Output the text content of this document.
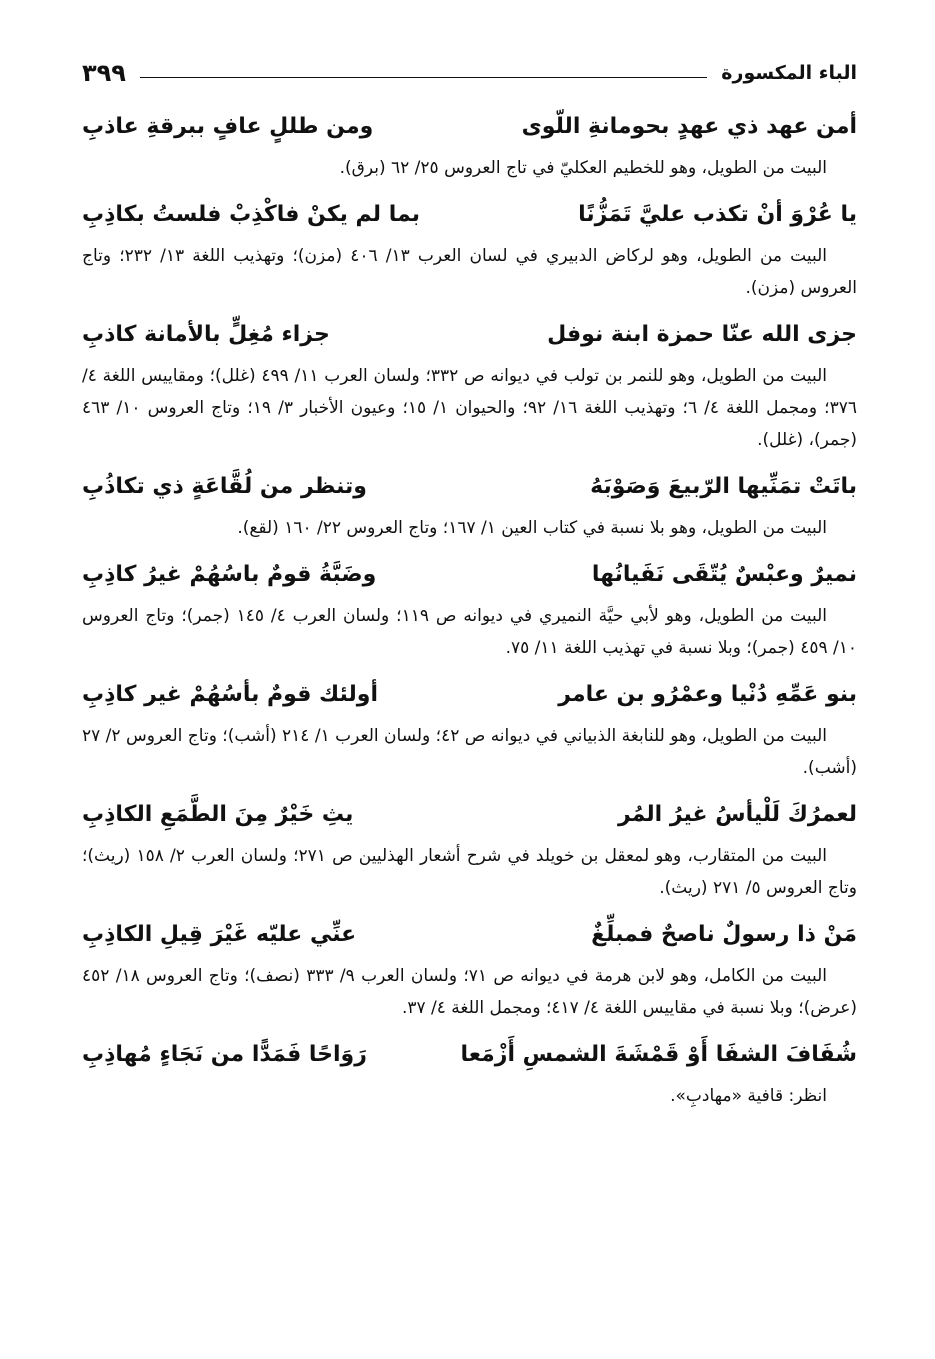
الباء المكسورة
٣٩٩
أمن عهد ذي عهدٍ بحومانةِ اللّوى
ومن طللٍ عافٍ ببرقةِ عاذبِ

البيت من الطويل، وهو للخطيم العكليّ في تاج العروس ٢٥/ ٦٢ (برق).

يا عُرْوَ أنْ تكذب عليَّ تَمَزُّنًا
بما لم يكنْ فاكْذِبْ فلستُ بكاذِبِ

البيت من الطويل، وهو لركاض الدبيري في لسان العرب ١٣/ ٤٠٦ (مزن)؛ وتهذيب اللغة ١٣/ ٢٣٢؛ وتاج العروس (مزن).

جزى الله عنّا حمزة ابنة نوفل
جزاء مُغِلٍّ بالأمانة كاذبِ

البيت من الطويل، وهو للنمر بن تولب في ديوانه ص ٣٣٢؛ ولسان العرب ١١/ ٤٩٩ (غلل)؛ ومقاييس اللغة ٤/ ٣٧٦؛ ومجمل اللغة ٤/ ٦؛ وتهذيب اللغة ١٦/ ٩٢؛ والحيوان ١/ ١٥؛ وعيون الأخبار ٣/ ١٩؛ وتاج العروس ١٠/ ٤٦٣ (جمر)، (غلل).

باتَتْ تمَنِّيها الرّبيعَ وَصَوْبَهُ
وتنظر من لُقَّاعَةٍ ذي تكاذُبِ

البيت من الطويل، وهو بلا نسبة في كتاب العين ١/ ١٦٧؛ وتاج العروس ٢٢/ ١٦٠ (لقع).

نميرٌ وعبْسٌ يُتّقَى نَفَيانُها
وضَبَّةُ قومٌ باسُهُمْ غيرُ كاذِبِ

البيت من الطويل، وهو لأبي حيَّة النميري في ديوانه ص ١١٩؛ ولسان العرب ٤/ ١٤٥ (جمر)؛ وتاج العروس ١٠/ ٤٥٩ (جمر)؛ وبلا نسبة في تهذيب اللغة ١١/ ٧٥.

بنو عَمِّهِ دُنْيا وعمْرُو بن عامر
أولئك قومٌ بأسُهُمْ غير كاذِبِ

البيت من الطويل، وهو للنابغة الذبياني في ديوانه ص ٤٢؛ ولسان العرب ١/ ٢١٤ (أشب)؛ وتاج العروس ٢/ ٢٧ (أشب).

لعمرُكَ لَلْيأسُ غيرُ المُر
يثِ خَيْرٌ مِنَ الطَّمَعِ الكاذِبِ

البيت من المتقارب، وهو لمعقل بن خويلد في شرح أشعار الهذليين ص ٢٧١؛ ولسان العرب ٢/ ١٥٨ (ريث)؛ وتاج العروس ٥/ ٢٧١ (ريث).

مَنْ ذا رسولٌ ناصحٌ فمبلِّغٌ
عنِّي عليّه غَيْرَ قِيلِ الكاذِبِ

البيت من الكامل، وهو لابن هرمة في ديوانه ص ٧١؛ ولسان العرب ٩/ ٣٣٣ (نصف)؛ وتاج العروس ١٨/ ٤٥٢ (عرض)؛ وبلا نسبة في مقاييس اللغة ٤/ ٤١٧؛ ومجمل اللغة ٤/ ٣٧.

شُفَافَ الشفَا أَوْ قَمْشَةَ الشمسِ أَزْمَعا
رَوَاحًا فَمَدًّا من نَجَاءٍ مُهاذِبِ

انظر: قافية «مهادبِ».
